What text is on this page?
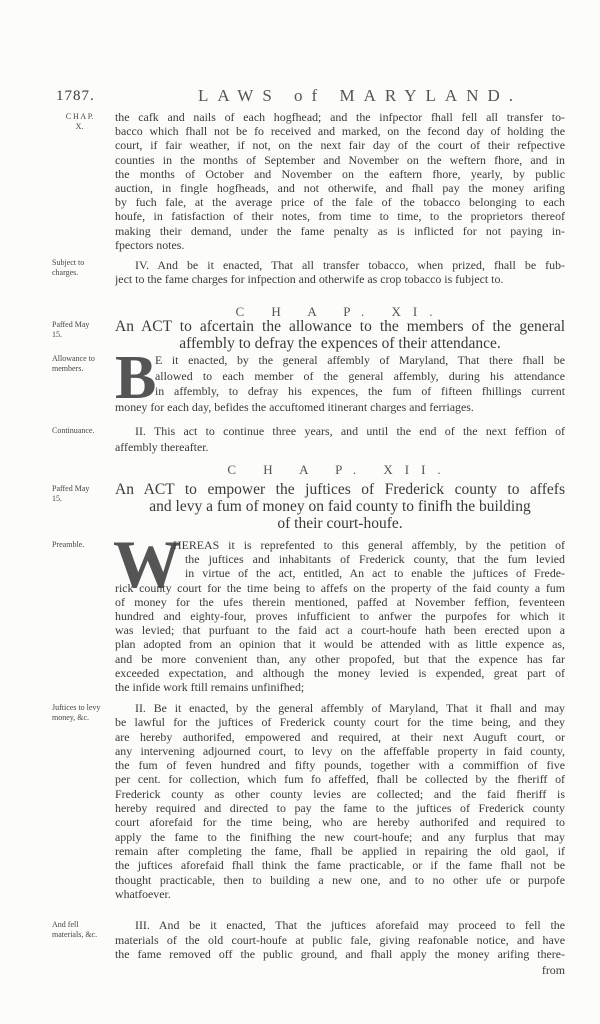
1787.	LAWS of MARYLAND.
C H A P.
X.
the cafk and nails of each hogfhead; and the infpector fhall fell all transfer to-
bacco which fhall not be fo received and marked, on the fecond day of holding the
court, if fair weather, if not, on the next fair day of the court of their refpective
counties in the months of September and November on the weftern fhore, and in
the months of October and November on the eaftern fhore, yearly, by public
auction, in fingle hogfheads, and not otherwife, and fhall pay the money arifing
by fuch fale, at the average price of the fale of the tobacco belonging to each
houfe, in fatisfaction of their notes, from time to time, to the proprietors thereof
making their demand, under the fame penalty as is inflicted for not paying in-
fpectors notes.
Subject to charges.
IV. And be it enacted, That all transfer tobacco, when prized, fhall be fub-
ject to the fame charges for infpection and otherwife as crop tobacco is fubject to.
C H A P. XI.
Paffed May 15.	An ACT to afcertain the allowance to the members of the general
affembly to defray the expences of their attendance.
Allowance to members. B
E it enacted, by the general affembly of Maryland, That there fhall be
allowed to each member of the general affembly, during his attendance
in affembly, to defray his expences, the fum of fifteen fhillings current
money for each day, befides the accuftomed itinerant charges and ferriages.
Continuance.	II. This act to continue three years, and until the end of the next feffion of
affembly thereafter.
C H A P. XII.
Paffed May 15.
An ACT to empower the juftices of Frederick county to affefs
and levy a fum of money on faid county to finifh the building
of their court-houfe.
Preamble. W
HEREAS it is reprefented to this general affembly, by the petition of
the juftices and inhabitants of Frederick county, that the fum levied
in virtue of the act, entitled, An act to enable the juftices of Frede-
rick county court for the time being to affefs on the property of the faid county a fum
of money for the ufes therein mentioned, paffed at November feffion, feventeen
hundred and eighty-four, proves infufficient to anfwer the purpofes for which it
was levied; that purfuant to the faid act a court-houfe hath been erected upon a
plan adopted from an opinion that it would be attended with as little expence as,
and be more convenient than, any other propofed, but that the expence has far
exceeded expectation, and although the money levied is expended, great part of
the infide work ftill remains unfinifhed;
Juftices to levy money, &c.
II. Be it enacted, by the general affembly of Maryland, That it fhall and may
be lawful for the juftices of Frederick county court for the time being, and they
are hereby authorifed, empowered and required, at their next Auguft court, or
any intervening adjourned court, to levy on the affeffable property in faid county,
the fum of feven hundred and fifty pounds, together with a commiffion of five
per cent. for collection, which fum fo affeffed, fhall be collected by the fheriff of
Frederick county as other county levies are collected; and the faid fheriff is
hereby required and directed to pay the fame to the juftices of Frederick county
court aforefaid for the time being, who are hereby authorifed and required to
apply the fame to the finifhing the new court-houfe; and any furplus that may
remain after completing the fame, fhall be applied in repairing the old gaol, if
the juftices aforefaid fhall think the fame practicable, or if the fame fhall not be
thought practicable, then to building a new one, and to no other ufe or purpofe
whatfoever.
And fell materials, &c.
III. And be it enacted, That the juftices aforefaid may proceed to fell the
materials of the old court-houfe at public fale, giving reafonable notice, and have
the fame removed off the public ground, and fhall apply the money arifing there-
from
